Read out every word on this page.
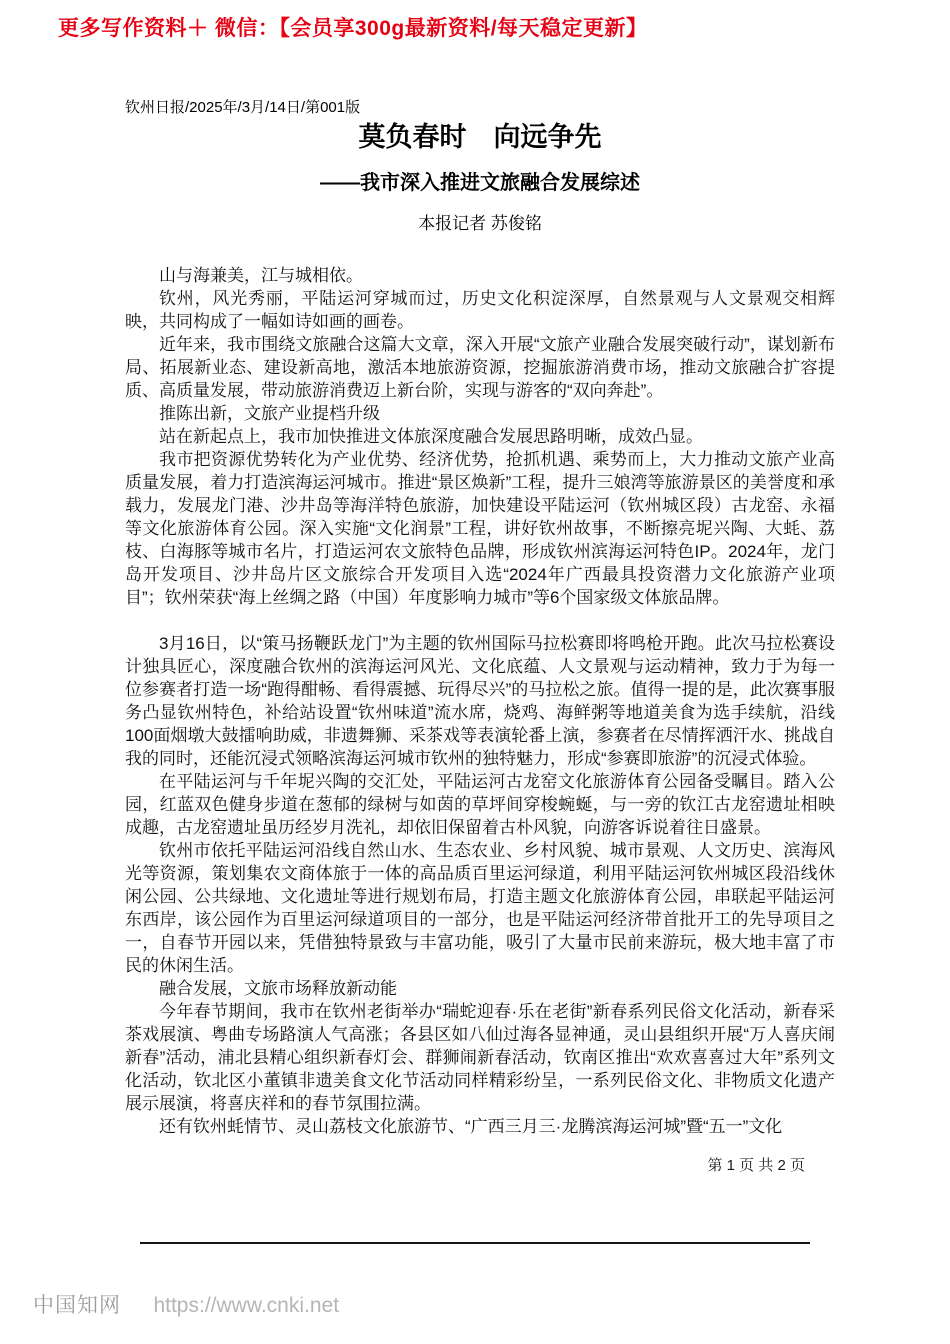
更多写作资料＋ 微信：【会员享300g最新资料/每天稳定更新】
钦州日报/2025年/3月/14日/第001版
莫负春时　向远争先
——我市深入推进文旅融合发展综述
本报记者 苏俊铭

山与海兼美，江与城相依。

钦州，风光秀丽，平陆运河穿城而过，历史文化积淀深厚，自然景观与人文景观交相辉映，共同构成了一幅如诗如画的画卷。

近年来，我市围绕文旅融合这篇大文章，深入开展“文旅产业融合发展突破行动”，谋划新布局、拓展新业态、建设新高地，激活本地旅游资源，挖掘旅游消费市场，推动文旅融合扩容提质、高质量发展，带动旅游消费迈上新台阶，实现与游客的“双向奔赴”。

推陈出新，文旅产业提档升级

站在新起点上，我市加快推进文体旅深度融合发展思路明晰，成效凸显。

我市把资源优势转化为产业优势、经济优势，抢抓机遇、乘势而上，大力推动文旅产业高质量发展，着力打造滨海运河城市。推进“景区焕新”工程，提升三娘湾等旅游景区的美誉度和承载力，发展龙门港、沙井岛等海洋特色旅游，加快建设平陆运河（钦州城区段）古龙窑、永福等文化旅游体育公园。深入实施“文化润景”工程，讲好钦州故事，不断擦亮坭兴陶、大蚝、荔枝、白海豚等城市名片，打造运河农文旅特色品牌，形成钦州滨海运河特色IP。2024年，龙门岛开发项目、沙井岛片区文旅综合开发项目入选“2024年广西最具投资潜力文化旅游产业项目”；钦州荣获“海上丝绸之路（中国）年度影响力城市”等6个国家级文体旅品牌。

3月16日，以“策马扬鞭跃龙门”为主题的钦州国际马拉松赛即将鸣枪开跑。此次马拉松赛设计独具匠心，深度融合钦州的滨海运河风光、文化底蕴、人文景观与运动精神，致力于为每一位参赛者打造一场“跑得酣畅、看得震撼、玩得尽兴”的马拉松之旅。值得一提的是，此次赛事服务凸显钦州特色，补给站设置“钦州味道”流水席，烧鸡、海鲜粥等地道美食为选手续航，沿线100面烟墩大鼓擂响助威，非遗舞狮、采茶戏等表演轮番上演，参赛者在尽情挥洒汗水、挑战自我的同时，还能沉浸式领略滨海运河城市钦州的独特魅力，形成“参赛即旅游”的沉浸式体验。

在平陆运河与千年坭兴陶的交汇处，平陆运河古龙窑文化旅游体育公园备受瞩目。踏入公园，红蓝双色健身步道在葱郁的绿树与如茵的草坪间穿梭蜿蜒，与一旁的钦江古龙窑遗址相映成趣，古龙窑遗址虽历经岁月洗礼，却依旧保留着古朴风貌，向游客诉说着往日盛景。

钦州市依托平陆运河沿线自然山水、生态农业、乡村风貌、城市景观、人文历史、滨海风光等资源，策划集农文商体旅于一体的高品质百里运河绿道，利用平陆运河钦州城区段沿线休闲公园、公共绿地、文化遗址等进行规划布局，打造主题文化旅游体育公园，串联起平陆运河东西岸，该公园作为百里运河绿道项目的一部分，也是平陆运河经济带首批开工的先导项目之一，自春节开园以来，凭借独特景致与丰富功能，吸引了大量市民前来游玩，极大地丰富了市民的休闲生活。

融合发展，文旅市场释放新动能

今年春节期间，我市在钦州老街举办“瑞蛇迎春·乐在老街”新春系列民俗文化活动，新春采茶戏展演、粤曲专场路演人气高涨；各县区如八仙过海各显神通，灵山县组织开展“万人喜庆闹新春”活动，浦北县精心组织新春灯会、群狮闹新春活动，钦南区推出“欢欢喜喜过大年”系列文化活动，钦北区小董镇非遗美食文化节活动同样精彩纷呈，一系列民俗文化、非物质文化遗产展示展演，将喜庆祥和的春节氛围拉满。

还有钦州蚝情节、灵山荔枝文化旅游节、“广西三月三·龙腾滨海运河城”暨“五一”文化

第 1 页 共 2 页
中国知网 https://www.cnki.net
